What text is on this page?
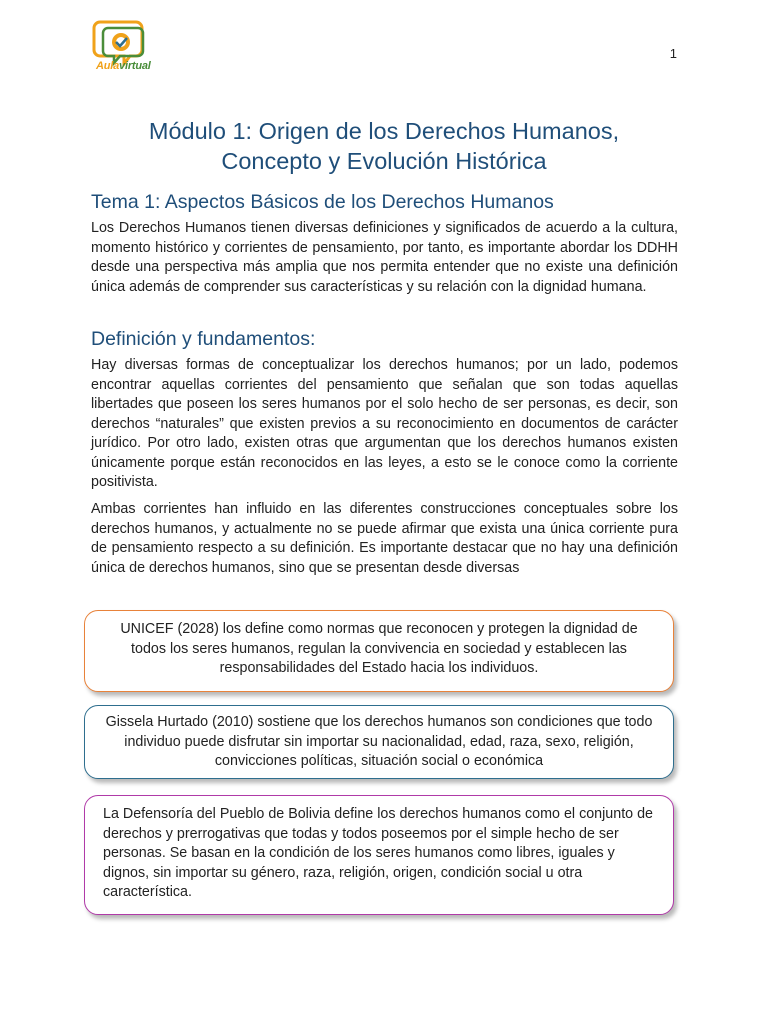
Aulavirtual
1
Módulo 1: Origen de los Derechos Humanos,
Concepto y Evolución Histórica
Tema 1: Aspectos Básicos de los Derechos Humanos
Los Derechos Humanos tienen diversas definiciones y significados de acuerdo a la cultura, momento histórico y corrientes de pensamiento, por tanto, es importante abordar los DDHH desde una perspectiva más amplia que nos permita entender que no existe una definición única además de comprender sus características y su relación con la dignidad humana.
Definición y fundamentos:
Hay diversas formas de conceptualizar los derechos humanos; por un lado, podemos encontrar aquellas corrientes del pensamiento que señalan que son todas aquellas libertades que poseen los seres humanos por el solo hecho de ser personas, es decir, son derechos “naturales” que existen previos a su reconocimiento en documentos de carácter jurídico. Por otro lado, existen otras que argumentan que los derechos humanos existen únicamente porque están reconocidos en las leyes, a esto se le conoce como la corriente positivista.
Ambas corrientes han influido en las diferentes construcciones conceptuales sobre los derechos humanos, y actualmente no se puede afirmar que exista una única corriente pura de pensamiento respecto a su definición. Es importante destacar que no hay una definición única de derechos humanos, sino que se presentan desde diversas
UNICEF (2028) los define como normas que reconocen y protegen la dignidad de todos los seres humanos, regulan la convivencia en sociedad y establecen las responsabilidades del Estado hacia los individuos.
Gissela Hurtado (2010) sostiene que los derechos humanos son condiciones que todo individuo puede disfrutar sin importar su nacionalidad, edad, raza, sexo, religión, convicciones políticas, situación social o económica
La Defensoría del Pueblo de Bolivia define los derechos humanos como el conjunto de derechos y prerrogativas que todas y todos poseemos por el simple hecho de ser personas. Se basan en la condición de los seres humanos como libres, iguales y dignos, sin importar su género, raza, religión, origen, condición social u otra característica.
